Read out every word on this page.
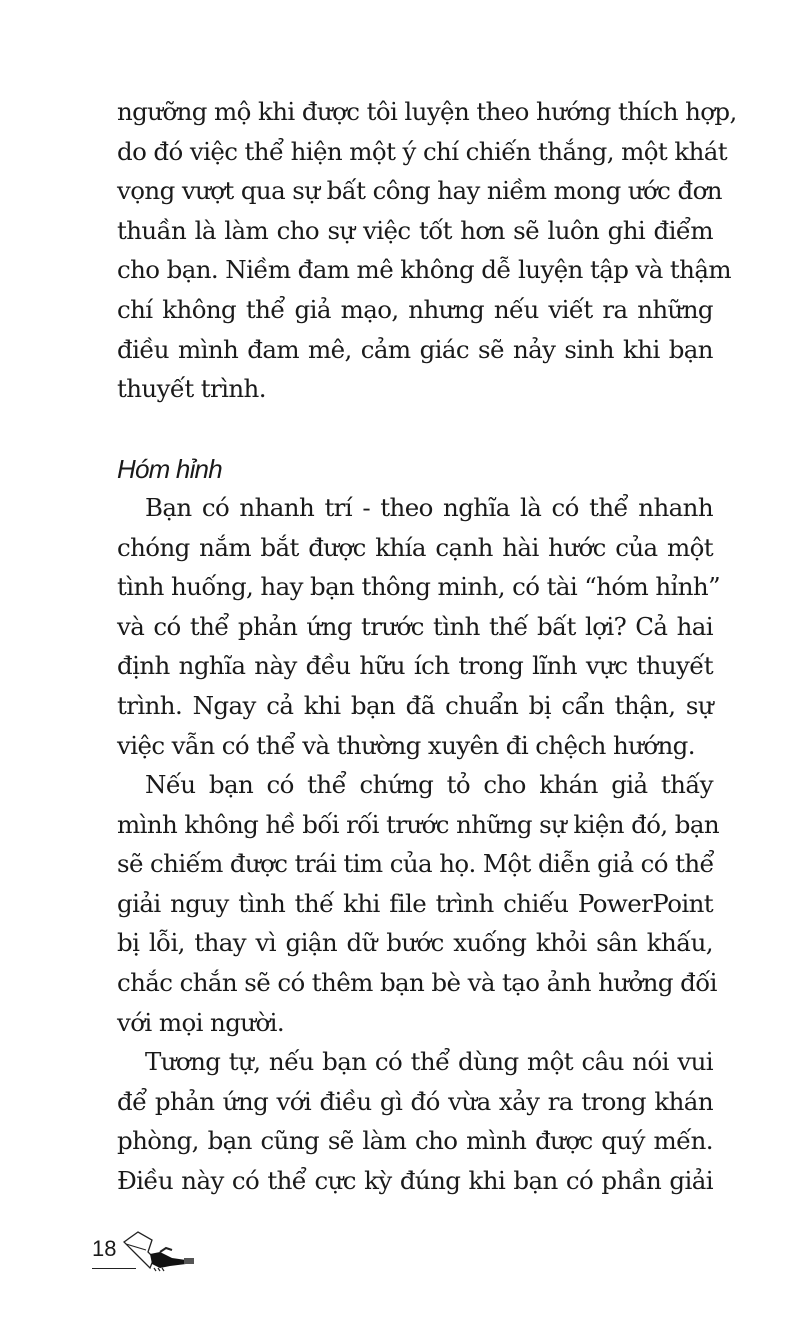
ngưỡng mộ khi được tôi luyện theo hướng thích hợp,
do đó việc thể hiện một ý chí chiến thắng, một khát
vọng vượt qua sự bất công hay niềm mong ước đơn
thuần là làm cho sự việc tốt hơn sẽ luôn ghi điểm
cho bạn. Niềm đam mê không dễ luyện tập và thậm
chí không thể giả mạo, nhưng nếu viết ra những
điều mình đam mê, cảm giác sẽ nảy sinh khi bạn
thuyết trình.
Hóm hỉnh
Bạn có nhanh trí - theo nghĩa là có thể nhanh
chóng nắm bắt được khía cạnh hài hước của một
tình huống, hay bạn thông minh, có tài “hóm hỉnh”
và có thể phản ứng trước tình thế bất lợi? Cả hai
định nghĩa này đều hữu ích trong lĩnh vực thuyết
trình. Ngay cả khi bạn đã chuẩn bị cẩn thận, sự
việc vẫn có thể và thường xuyên đi chệch hướng.
Nếu bạn có thể chứng tỏ cho khán giả thấy
mình không hề bối rối trước những sự kiện đó, bạn
sẽ chiếm được trái tim của họ. Một diễn giả có thể
giải nguy tình thế khi file trình chiếu PowerPoint
bị lỗi, thay vì giận dữ bước xuống khỏi sân khấu,
chắc chắn sẽ có thêm bạn bè và tạo ảnh hưởng đối
với mọi người.
Tương tự, nếu bạn có thể dùng một câu nói vui
để phản ứng với điều gì đó vừa xảy ra trong khán
phòng, bạn cũng sẽ làm cho mình được quý mến.
Điều này có thể cực kỳ đúng khi bạn có phần giải
18
